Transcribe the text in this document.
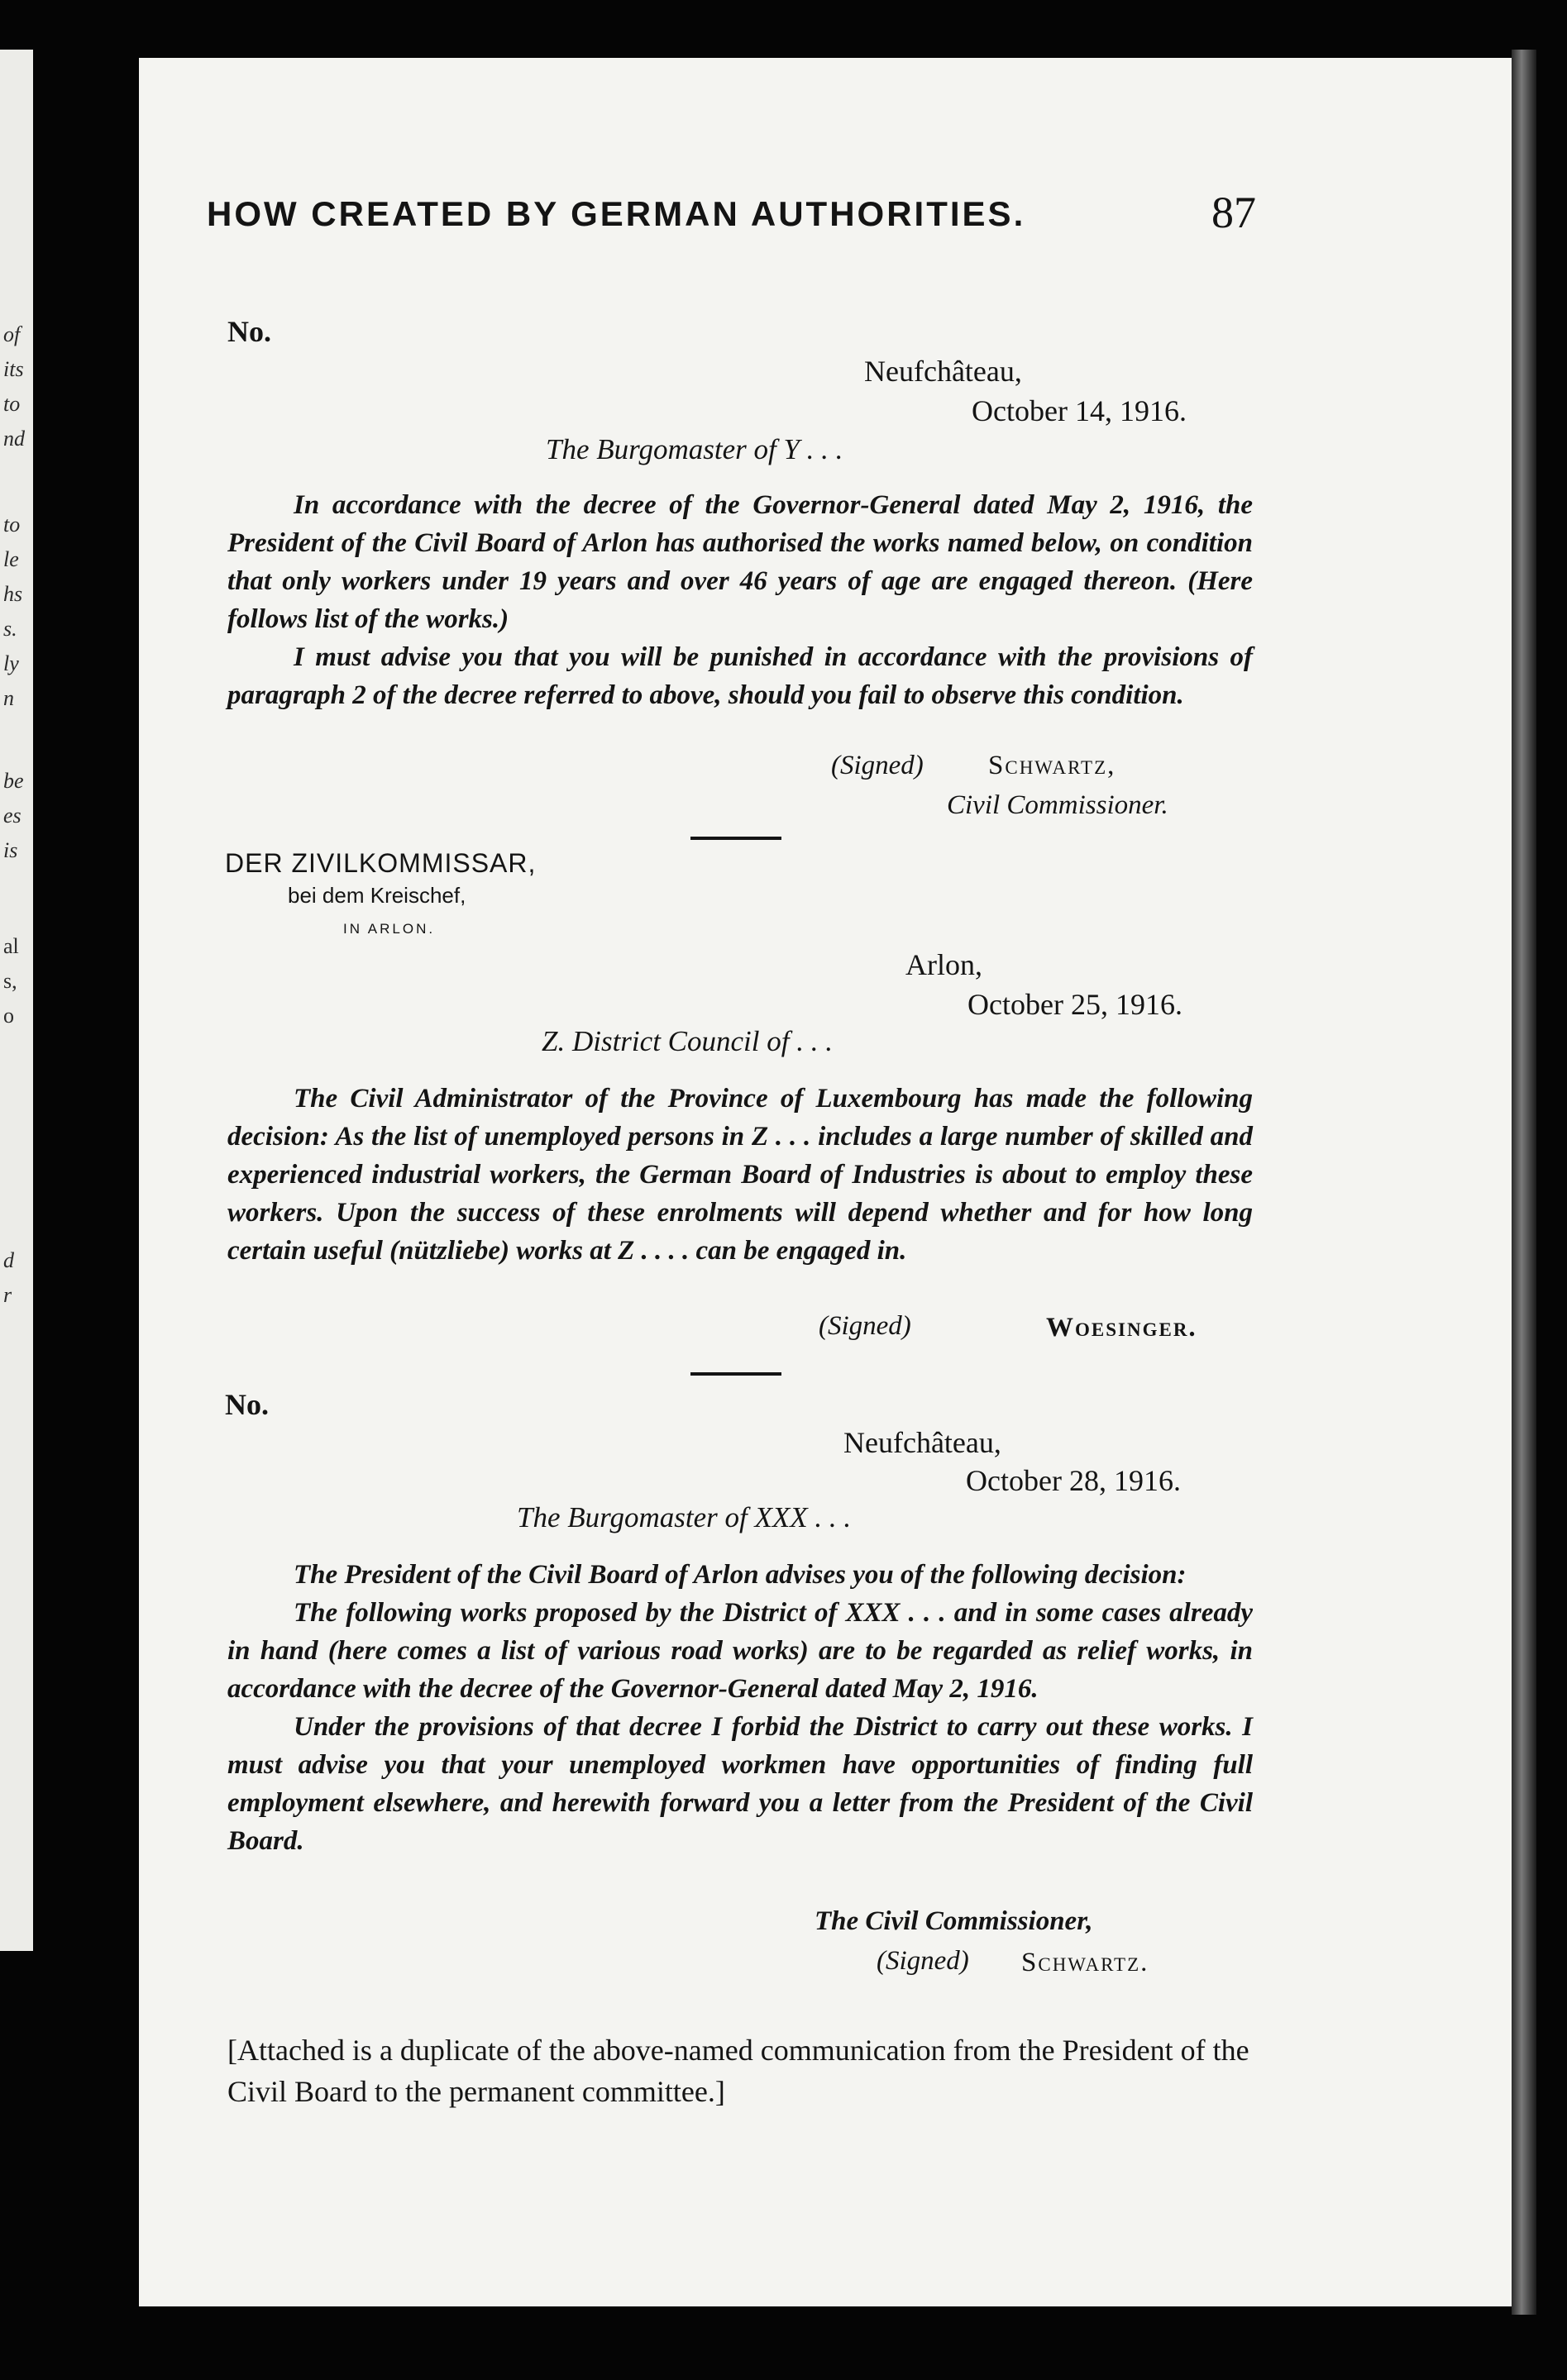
of
its
to
nd
to
le
hs
s.
ly
n
be
es
is
al
s,
o
d
r
HOW CREATED BY GERMAN AUTHORITIES.	87
No.
Neufchâteau,
October 14, 1916.
The Burgomaster of Y . . .

In accordance with the decree of the Governor-General dated May 2, 1916, the President of the Civil Board of Arlon has authorised the works named below, on condition that only workers under 19 years and over 46 years of age are engaged thereon. (Here follows list of the works.)

I must advise you that you will be punished in accordance with the provisions of paragraph 2 of the decree referred to above, should you fail to observe this condition.

(Signed) Schwartz,
Civil Commissioner.
DER ZIVILKOMMISSAR,
bei dem Kreischef,
IN ARLON.
Arlon,
October 25, 1916.
Z. District Council of . . .

The Civil Administrator of the Province of Luxembourg has made the following decision: As the list of unemployed persons in Z . . . includes a large number of skilled and experienced industrial workers, the German Board of Industries is about to employ these workers. Upon the success of these enrolments will depend whether and for how long certain useful (nützliebe) works at Z . . . . can be engaged in.

(Signed)	Woesinger.
No.
Neufchâteau,
October 28, 1916.
The Burgomaster of XXX . . .

The President of the Civil Board of Arlon advises you of the following decision:

The following works proposed by the District of XXX . . . and in some cases already in hand (here comes a list of various road works) are to be regarded as relief works, in accordance with the decree of the Governor-General dated May 2, 1916.

Under the provisions of that decree I forbid the District to carry out these works. I must advise you that your unemployed workmen have opportunities of finding full employment elsewhere, and herewith forward you a letter from the President of the Civil Board.

The Civil Commissioner,
(Signed) Schwartz.
[Attached is a duplicate of the above-named communication from the President of the Civil Board to the permanent committee.]
